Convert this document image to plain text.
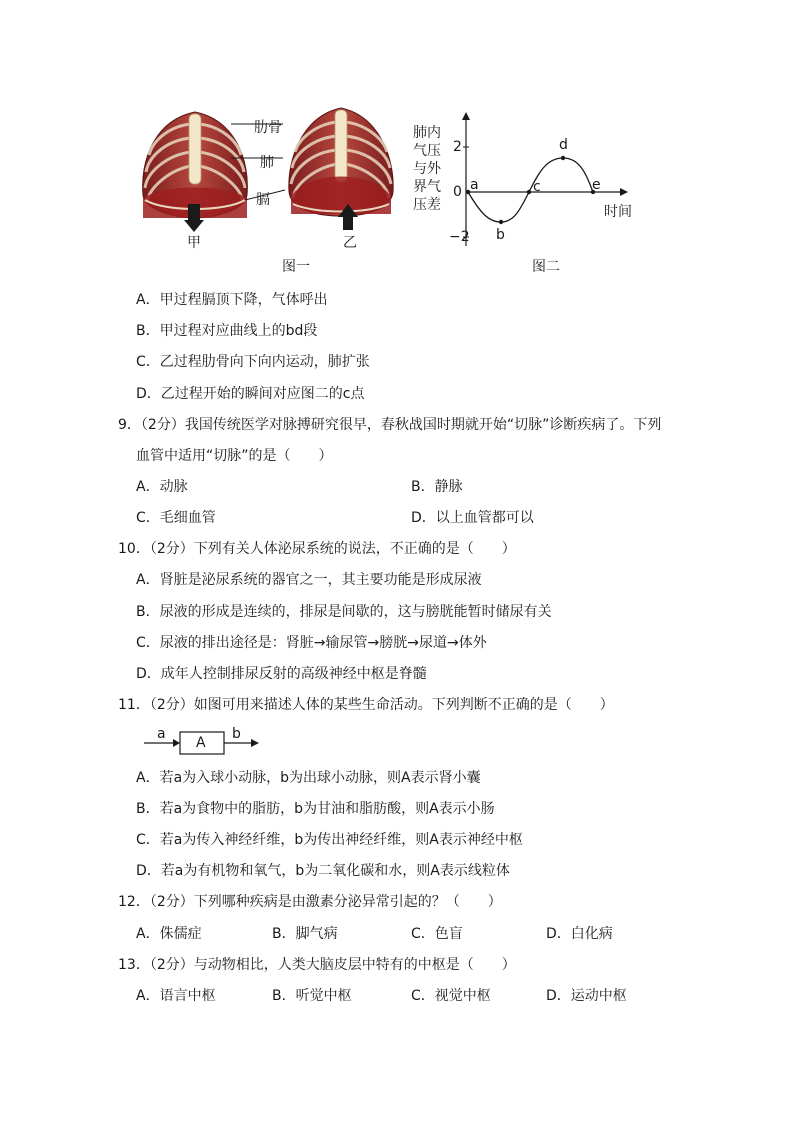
肋骨
肺
膈
甲	乙
图一
肺内
气压
与外
界气
压差
2
0
−2
a
b
c
d
e
时间
图二
A．甲过程膈顶下降，气体呼出
B．甲过程对应曲线上的bd段
C．乙过程肋骨向下向内运动，肺扩张
D．乙过程开始的瞬间对应图二的c点
9．（2分）我国传统医学对脉搏研究很早，春秋战国时期就开始“切脉”诊断疾病了。下列
血管中适用“切脉”的是（　　）
A．动脉	B．静脉
C．毛细血管	D．以上血管都可以
10．（2分）下列有关人体泌尿系统的说法，不正确的是（　　）
A．肾脏是泌尿系统的器官之一，其主要功能是形成尿液
B．尿液的形成是连续的，排尿是间歇的，这与膀胱能暂时储尿有关
C．尿液的排出途径是：肾脏→输尿管→膀胱→尿道→体外
D．成年人控制排尿反射的高级神经中枢是脊髓
11．（2分）如图可用来描述人体的某些生命活动。下列判断不正确的是（　　）
a
A
b
A．若a为入球小动脉，b为出球小动脉，则A表示肾小囊
B．若a为食物中的脂肪，b为甘油和脂肪酸，则A表示小肠
C．若a为传入神经纤维，b为传出神经纤维，则A表示神经中枢
D．若a为有机物和氧气，b为二氧化碳和水，则A表示线粒体
12．（2分）下列哪种疾病是由激素分泌异常引起的？（　　）
A．侏儒症	B．脚气病	C．色盲	D．白化病
13．（2分）与动物相比，人类大脑皮层中特有的中枢是（　　）
A．语言中枢	B．听觉中枢	C．视觉中枢	D．运动中枢
